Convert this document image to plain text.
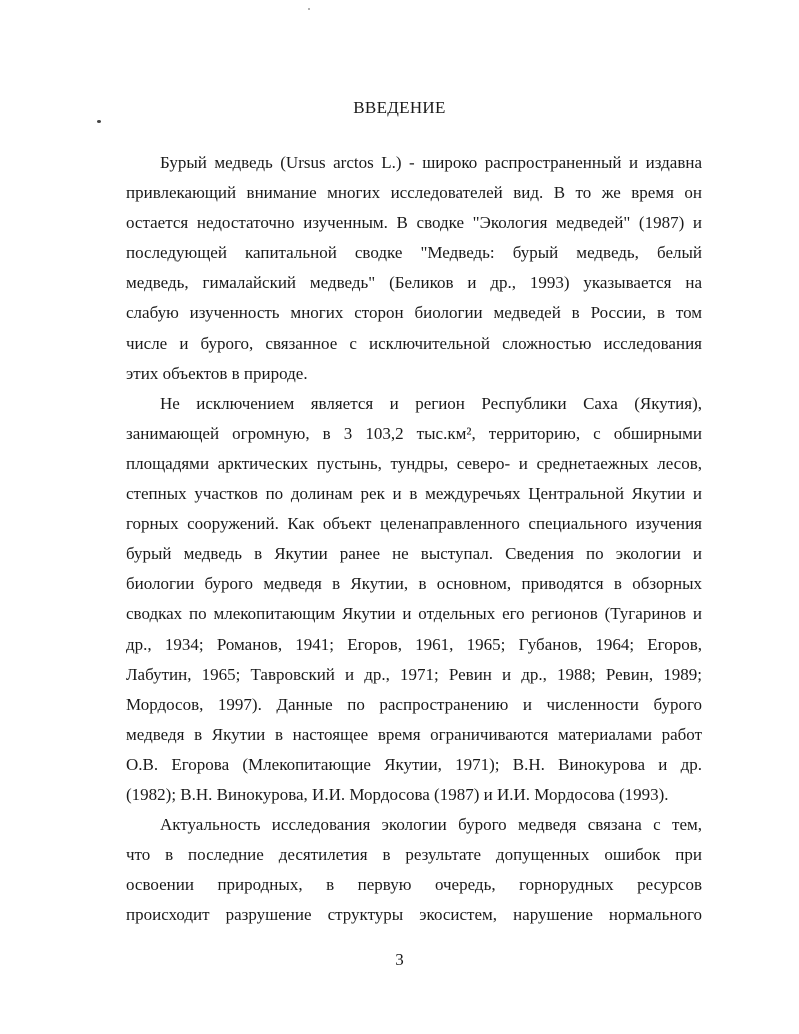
ВВЕДЕНИЕ
Бурый медведь (Ursus arctos L.) - широко распространенный и издавна
привлекающий внимание многих исследователей вид. В то же время он
остается недостаточно изученным. В сводке "Экология медведей" (1987) и
последующей капитальной сводке "Медведь: бурый медведь, белый
медведь, гималайский медведь" (Беликов и др., 1993) указывается на
слабую изученность многих сторон биологии медведей в России, в том
числе и бурого, связанное с исключительной сложностью исследования
этих объектов в природе.
Не исключением является и регион Республики Саха (Якутия),
занимающей огромную, в 3 103,2 тыс.км², территорию, с обширными
площадями арктических пустынь, тундры, северо- и среднетаежных лесов,
степных участков по долинам рек и в междуречьях Центральной Якутии и
горных сооружений. Как объект целенаправленного специального изучения
бурый медведь в Якутии ранее не выступал. Сведения по экологии и
биологии бурого медведя в Якутии, в основном, приводятся в обзорных
сводках по млекопитающим Якутии и отдельных его регионов (Тугаринов и
др., 1934; Романов, 1941; Егоров, 1961, 1965; Губанов, 1964; Егоров,
Лабутин, 1965; Тавровский и др., 1971; Ревин и др., 1988; Ревин, 1989;
Мордосов, 1997). Данные по распространению и численности бурого
медведя в Якутии в настоящее время ограничиваются материалами работ
О.В. Егорова (Млекопитающие Якутии, 1971); В.Н. Винокурова и др.
(1982); В.Н. Винокурова, И.И. Мордосова (1987) и И.И. Мордосова (1993).
Актуальность исследования экологии бурого медведя связана с тем,
что в последние десятилетия в результате допущенных ошибок при
освоении природных, в первую очередь, горнорудных ресурсов
происходит разрушение структуры экосистем, нарушение нормального
3
